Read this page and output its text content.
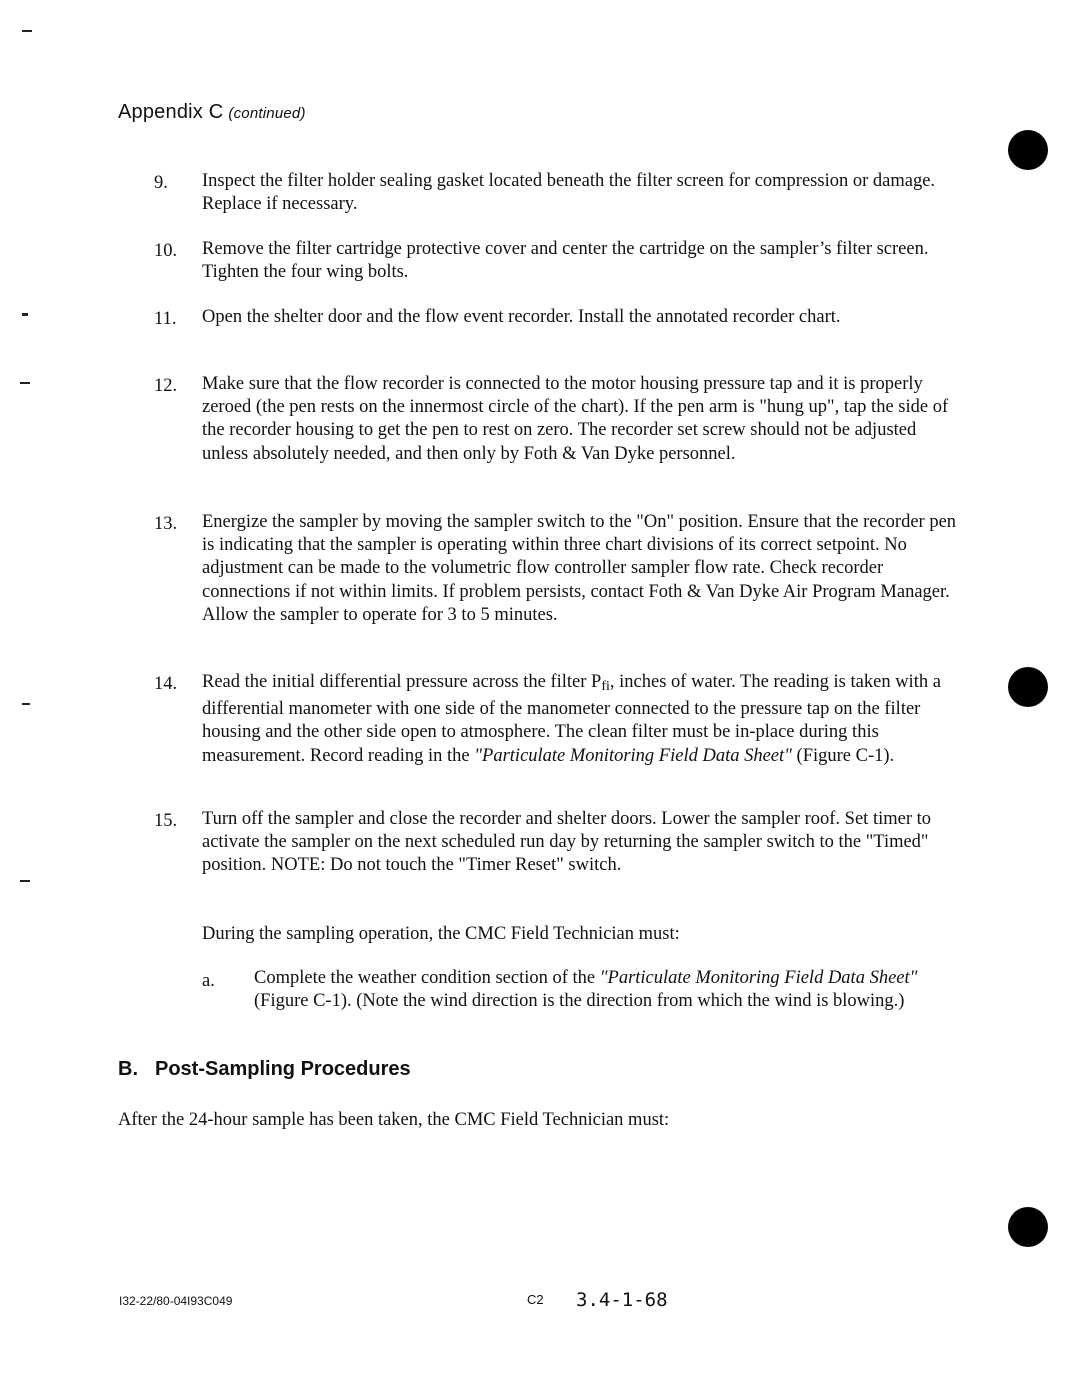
Appendix C (continued)
9. Inspect the filter holder sealing gasket located beneath the filter screen for compression or damage. Replace if necessary.
10. Remove the filter cartridge protective cover and center the cartridge on the sampler’s filter screen. Tighten the four wing bolts.
11. Open the shelter door and the flow event recorder. Install the annotated recorder chart.
12. Make sure that the flow recorder is connected to the motor housing pressure tap and it is properly zeroed (the pen rests on the innermost circle of the chart). If the pen arm is "hung up", tap the side of the recorder housing to get the pen to rest on zero. The recorder set screw should not be adjusted unless absolutely needed, and then only by Foth & Van Dyke personnel.
13. Energize the sampler by moving the sampler switch to the "On" position. Ensure that the recorder pen is indicating that the sampler is operating within three chart divisions of its correct setpoint. No adjustment can be made to the volumetric flow controller sampler flow rate. Check recorder connections if not within limits. If problem persists, contact Foth & Van Dyke Air Program Manager. Allow the sampler to operate for 3 to 5 minutes.
14. Read the initial differential pressure across the filter $P_{fi}$, inches of water. The reading is taken with a differential manometer with one side of the manometer connected to the pressure tap on the filter housing and the other side open to atmosphere. The clean filter must be in-place during this measurement. Record reading in the "Particulate Monitoring Field Data Sheet" (Figure C-1).
15. Turn off the sampler and close the recorder and shelter doors. Lower the sampler roof. Set timer to activate the sampler on the next scheduled run day by returning the sampler switch to the "Timed" position. NOTE: Do not touch the "Timer Reset" switch.
During the sampling operation, the CMC Field Technician must:
a. Complete the weather condition section of the "Particulate Monitoring Field Data Sheet" (Figure C-1). (Note the wind direction is the direction from which the wind is blowing.)
B. Post-Sampling Procedures
After the 24-hour sample has been taken, the CMC Field Technician must:
I32-22/80-04I93C049	C2 3.4-1-68
